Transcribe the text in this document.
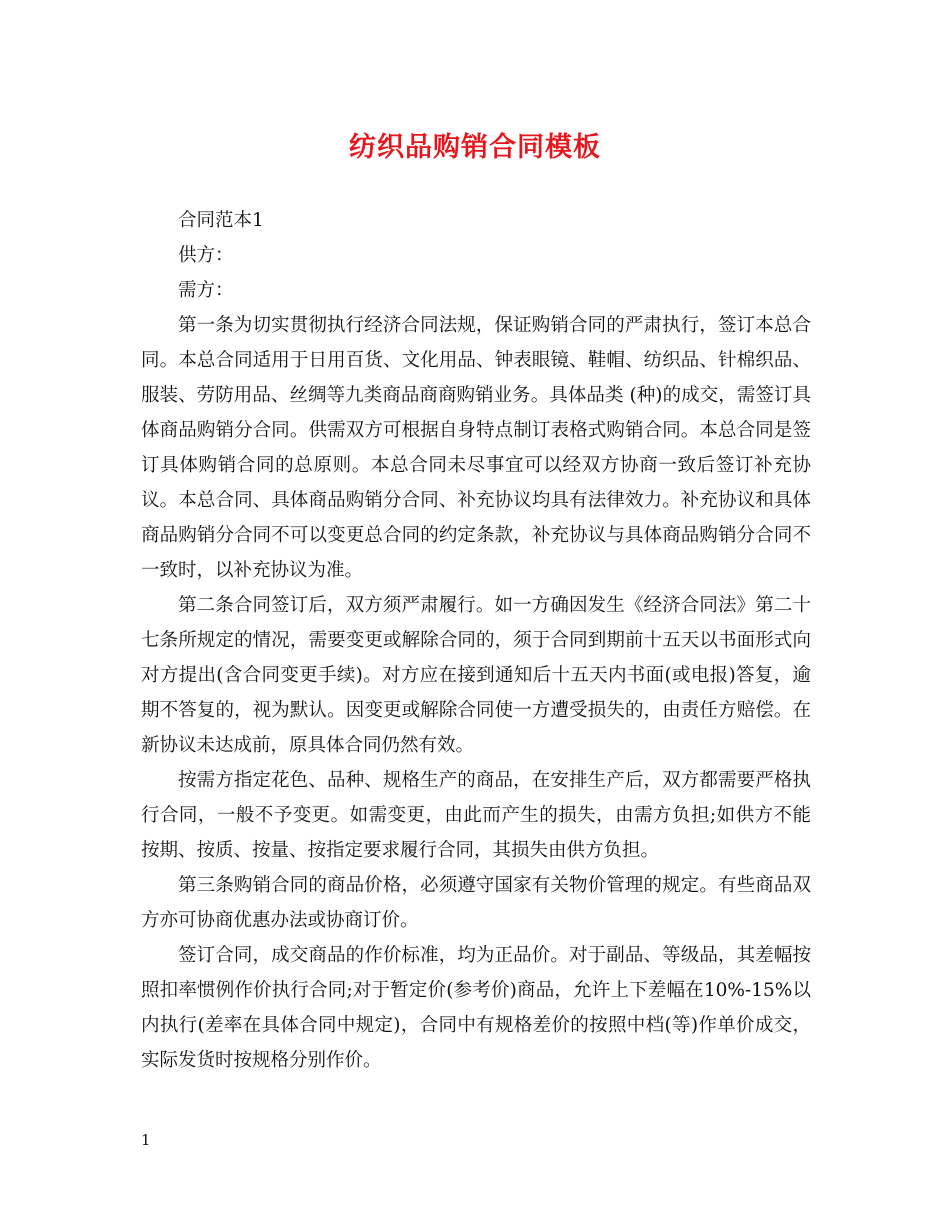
纺织品购销合同模板

合同范本1

供方：

需方：

第一条为切实贯彻执行经济合同法规，保证购销合同的严肃执行，签订本总合同。本总合同适用于日用百货、文化用品、钟表眼镜、鞋帽、纺织品、针棉织品、服装、劳防用品、丝绸等九类商品商商购销业务。具体品类 (种)的成交，需签订具体商品购销分合同。供需双方可根据自身特点制订表格式购销合同。本总合同是签订具体购销合同的总原则。本总合同未尽事宜可以经双方协商一致后签订补充协议。本总合同、具体商品购销分合同、补充协议均具有法律效力。补充协议和具体商品购销分合同不可以变更总合同的约定条款，补充协议与具体商品购销分合同不一致时，以补充协议为准。

第二条合同签订后，双方须严肃履行。如一方确因发生《经济合同法》第二十七条所规定的情况，需要变更或解除合同的，须于合同到期前十五天以书面形式向对方提出(含合同变更手续)。对方应在接到通知后十五天内书面(或电报)答复，逾期不答复的，视为默认。因变更或解除合同使一方遭受损失的，由责任方赔偿。在新协议未达成前，原具体合同仍然有效。

按需方指定花色、品种、规格生产的商品，在安排生产后，双方都需要严格执行合同，一般不予变更。如需变更，由此而产生的损失，由需方负担;如供方不能按期、按质、按量、按指定要求履行合同，其损失由供方负担。

第三条购销合同的商品价格，必须遵守国家有关物价管理的规定。有些商品双方亦可协商优惠办法或协商订价。

签订合同，成交商品的作价标准，均为正品价。对于副品、等级品，其差幅按照扣率惯例作价执行合同;对于暂定价(参考价)商品，允许上下差幅在10%-15%以内执行(差率在具体合同中规定)，合同中有规格差价的按照中档(等)作单价成交，实际发货时按规格分别作价。

1
